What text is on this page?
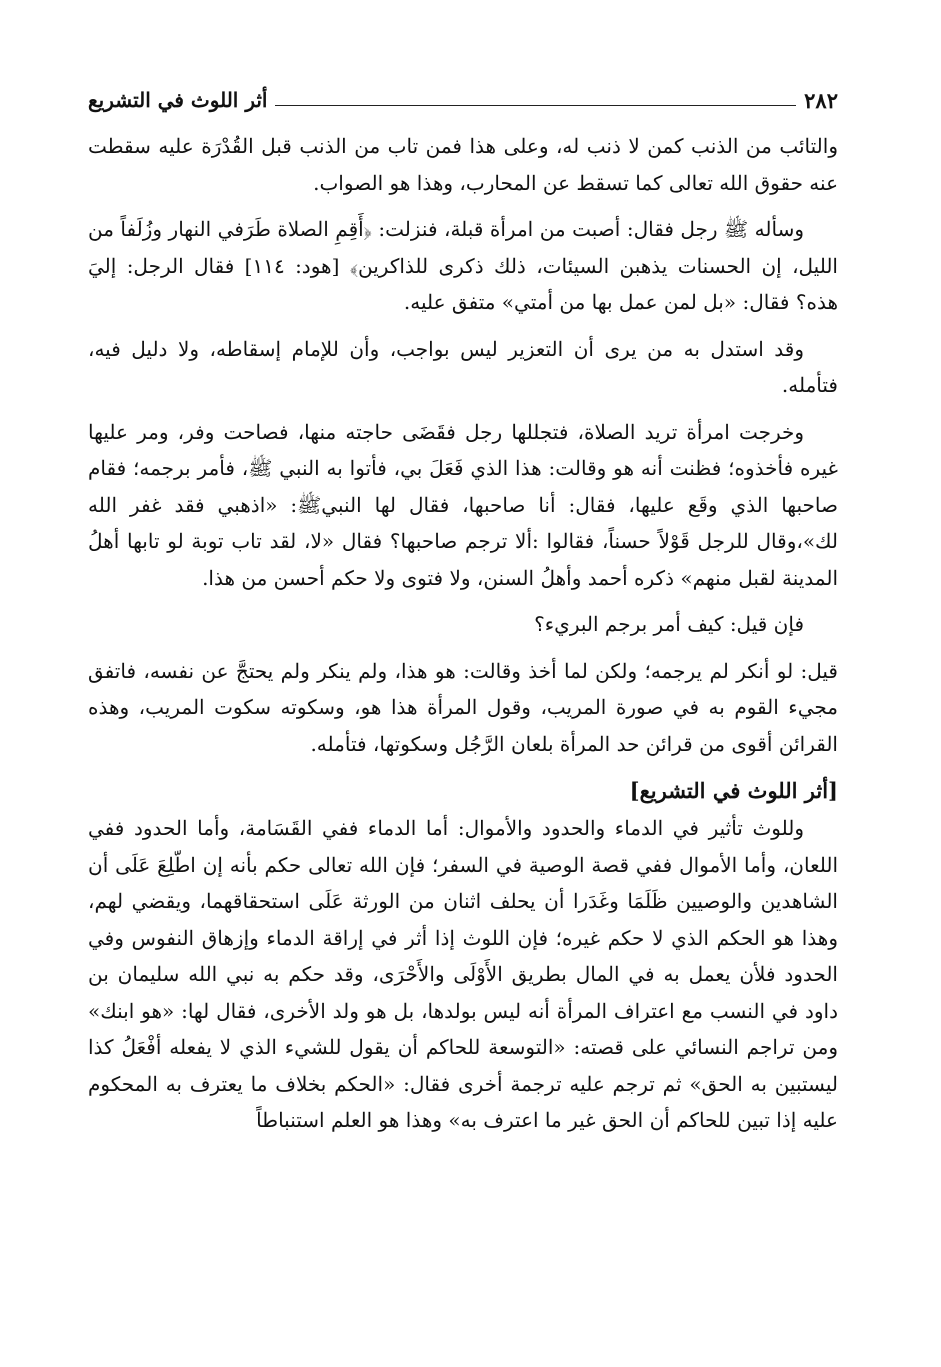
٢٨٢
أثر اللوث في التشريع

والتائب من الذنب كمن لا ذنب له، وعلى هذا فمن تاب من الذنب قبل القُدْرَة عليه سقطت عنه حقوق الله تعالى كما تسقط عن المحارب، وهذا هو الصواب.

وسأله ﷺ رجل فقال: أصبت من امرأة قبلة، فنزلت: ﴿أَقِمِ الصلاة طَرَفي النهار وزُلَفاً من الليل، إن الحسنات يذهبن السيئات، ذلك ذكرى للذاكرين﴾ [هود: ١١٤] فقال الرجل: إليَ هذه؟ فقال: «بل لمن عمل بها من أمتي» متفق عليه.

وقد استدل به من يرى أن التعزير ليس بواجب، وأن للإمام إسقاطه، ولا دليل فيه، فتأمله.

وخرجت امرأة تريد الصلاة، فتجللها رجل فقَضَى حاجته منها، فصاحت وفر، ومر عليها غيره فأخذوه؛ فظنت أنه هو وقالت: هذا الذي فَعَلَ بي، فأتوا به النبي ﷺ، فأمر برجمه؛ فقام صاحبها الذي وقَع عليها، فقال: أنا صاحبها، فقال لها النبيﷺ: «اذهبي فقد غفر الله لك»،وقال للرجل قَوْلاً حسناً، فقالوا :ألا ترجم صاحبها؟ فقال «لا، لقد تاب توبة لو تابها أهلُ المدينة لقبل منهم» ذكره أحمد وأهلُ السنن، ولا فتوى ولا حكم أحسن من هذا.

فإن قيل: كيف أمر برجم البريء؟

قيل: لو أنكر لم يرجمه؛ ولكن لما أخذ وقالت: هو هذا، ولم ينكر ولم يحتجَّ عن نفسه، فاتفق مجيء القوم به في صورة المريب، وقول المرأة هذا هو، وسكوته سكوت المريب، وهذه القرائن أقوى من قرائن حد المرأة بلعان الرَّجُل وسكوتها، فتأمله.

[أثر اللوث في التشريع]

وللوث تأثير في الدماء والحدود والأموال: أما الدماء ففي القَسَامة، وأما الحدود ففي اللعان، وأما الأموال ففي قصة الوصية في السفر؛ فإن الله تعالى حكم بأنه إن اطّلِعَ عَلَى أن الشاهدين والوصيين ظَلَمَا وغَدَرا أن يحلف اثنان من الورثة عَلَى استحقاقهما، ويقضي لهم، وهذا هو الحكم الذي لا حكم غيره؛ فإن اللوث إذا أثر في إراقة الدماء وإزهاق النفوس وفي الحدود فلأن يعمل به في المال بطريق الأَوْلَى والأَحْرَى، وقد حكم به نبي الله سليمان بن داود في النسب مع اعتراف المرأة أنه ليس بولدها، بل هو ولد الأخرى، فقال لها: «هو ابنك» ومن تراجم النسائي على قصته: «التوسعة للحاكم أن يقول للشيء الذي لا يفعله أفْعَلُ كذا ليستبين به الحق» ثم ترجم عليه ترجمة أخرى فقال: «الحكم بخلاف ما يعترف به المحكوم عليه إذا تبين للحاكم أن الحق غير ما اعترف به» وهذا هو العلم استنباطاً
